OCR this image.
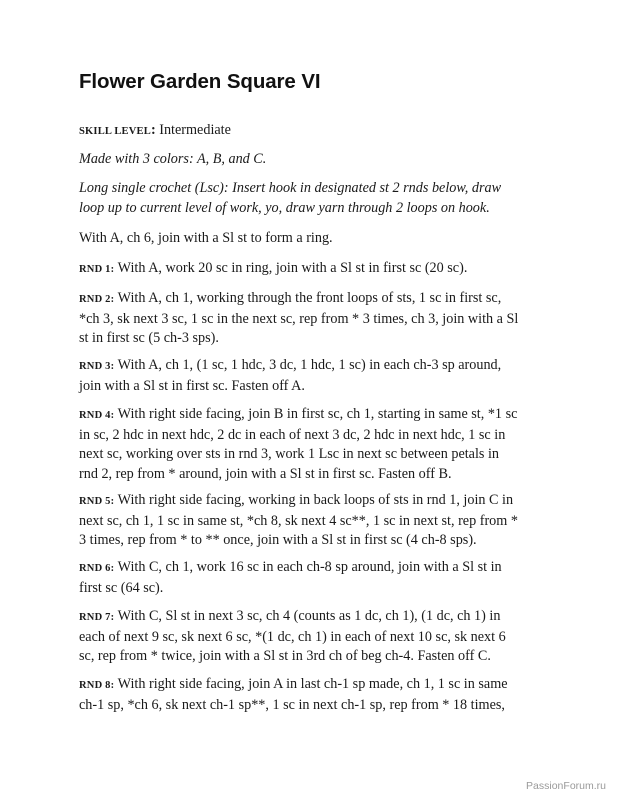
Flower Garden Square VI

SKILL LEVEL: Intermediate

Made with 3 colors: A, B, and C.

Long single crochet (Lsc): Insert hook in designated st 2 rnds below, draw
loop up to current level of work, yo, draw yarn through 2 loops on hook.

With A, ch 6, join with a Sl st to form a ring.

RND 1: With A, work 20 sc in ring, join with a Sl st in first sc (20 sc).

RND 2: With A, ch 1, working through the front loops of sts, 1 sc in first sc,
*ch 3, sk next 3 sc, 1 sc in the next sc, rep from * 3 times, ch 3, join with a Sl
st in first sc (5 ch-3 sps).

RND 3: With A, ch 1, (1 sc, 1 hdc, 3 dc, 1 hdc, 1 sc) in each ch-3 sp around,
join with a Sl st in first sc. Fasten off A.

RND 4: With right side facing, join B in first sc, ch 1, starting in same st, *1 sc
in sc, 2 hdc in next hdc, 2 dc in each of next 3 dc, 2 hdc in next hdc, 1 sc in
next sc, working over sts in rnd 3, work 1 Lsc in next sc between petals in
rnd 2, rep from * around, join with a Sl st in first sc. Fasten off B.

RND 5: With right side facing, working in back loops of sts in rnd 1, join C in
next sc, ch 1, 1 sc in same st, *ch 8, sk next 4 sc**, 1 sc in next st, rep from *
3 times, rep from * to ** once, join with a Sl st in first sc (4 ch-8 sps).

RND 6: With C, ch 1, work 16 sc in each ch-8 sp around, join with a Sl st in
first sc (64 sc).

RND 7: With C, Sl st in next 3 sc, ch 4 (counts as 1 dc, ch 1), (1 dc, ch 1) in
each of next 9 sc, sk next 6 sc, *(1 dc, ch 1) in each of next 10 sc, sk next 6
sc, rep from * twice, join with a Sl st in 3rd ch of beg ch-4. Fasten off C.

RND 8: With right side facing, join A in last ch-1 sp made, ch 1, 1 sc in same
ch-1 sp, *ch 6, sk next ch-1 sp**, 1 sc in next ch-1 sp, rep from * 18 times,

PassionForum.ru
